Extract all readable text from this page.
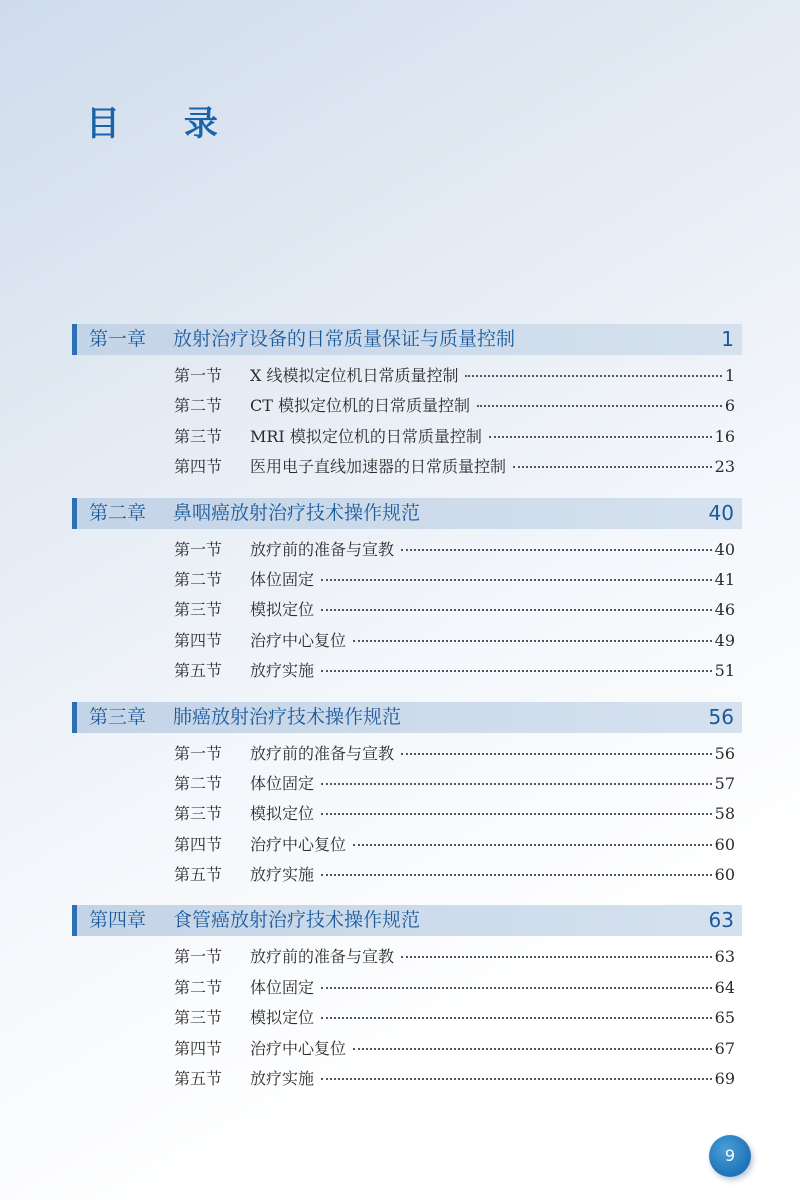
目 录
第一章 放射治疗设备的日常质量保证与质量控制	1
第一节	X 线模拟定位机日常质量控制	1
第二节	CT 模拟定位机的日常质量控制	6
第三节	MRI 模拟定位机的日常质量控制	16
第四节	医用电子直线加速器的日常质量控制	23
第二章 鼻咽癌放射治疗技术操作规范	40
第一节	放疗前的准备与宣教	40
第二节	体位固定	41
第三节	模拟定位	46
第四节	治疗中心复位	49
第五节	放疗实施	51
第三章 肺癌放射治疗技术操作规范	56
第一节	放疗前的准备与宣教	56
第二节	体位固定	57
第三节	模拟定位	58
第四节	治疗中心复位	60
第五节	放疗实施	60
第四章 食管癌放射治疗技术操作规范	63
第一节	放疗前的准备与宣教	63
第二节	体位固定	64
第三节	模拟定位	65
第四节	治疗中心复位	67
第五节	放疗实施	69
9
